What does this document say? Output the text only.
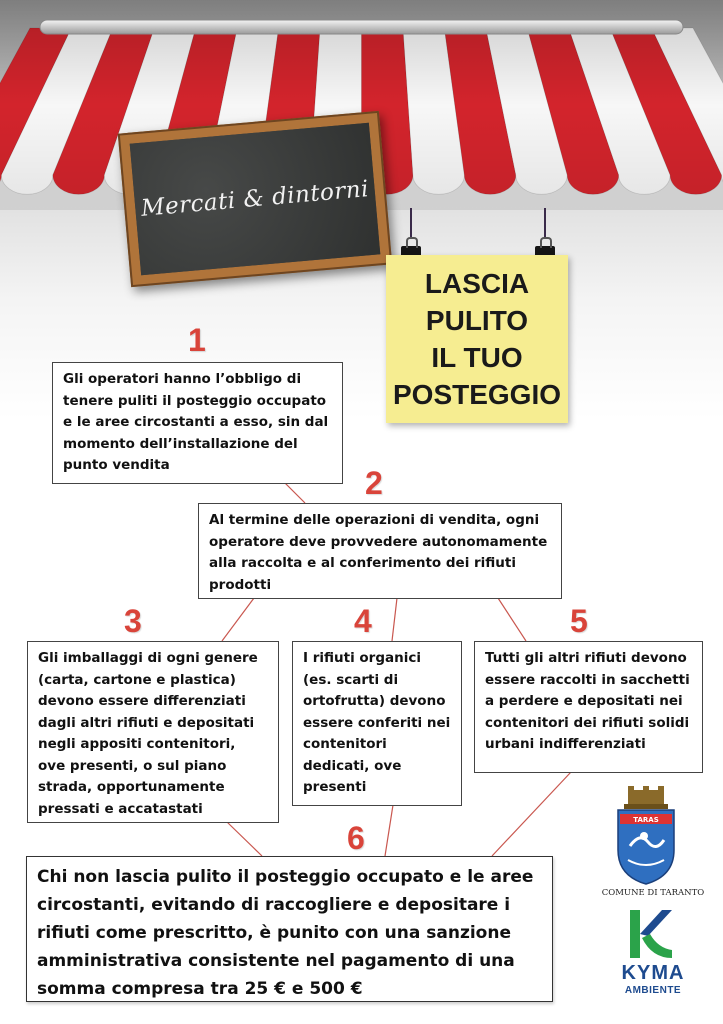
Mercati & dintorni
LASCIA
PULITO
IL TUO
POSTEGGIO
1
2
3	4	5
6
Gli operatori hanno l’obbligo di tenere puliti il posteggio occupato e le aree circostanti a esso, sin dal momento dell’installazione del punto vendita
Al termine delle operazioni di vendita, ogni operatore deve provvedere autonomamente alla raccolta e al conferimento dei rifiuti prodotti
Gli imballaggi di ogni genere (carta, cartone e plastica) devono essere differenziati dagli altri rifiuti e depositati negli appositi contenitori, ove presenti, o sul piano strada, opportunamente pressati e accatastati
I rifiuti organici (es. scarti di ortofrutta) devono essere conferiti nei contenitori dedicati, ove presenti
Tutti gli altri rifiuti devono essere raccolti in sacchetti a perdere e depositati nei contenitori dei rifiuti solidi urbani indifferenziati
Chi non lascia pulito il posteggio occupato e le aree circostanti, evitando di raccogliere e depositare i rifiuti come prescritto, è punito con una sanzione amministrativa consistente nel pagamento di una somma compresa tra 25 € e 500 €
TARAS
COMUNE DI TARANTO
KYMA
AMBIENTE
